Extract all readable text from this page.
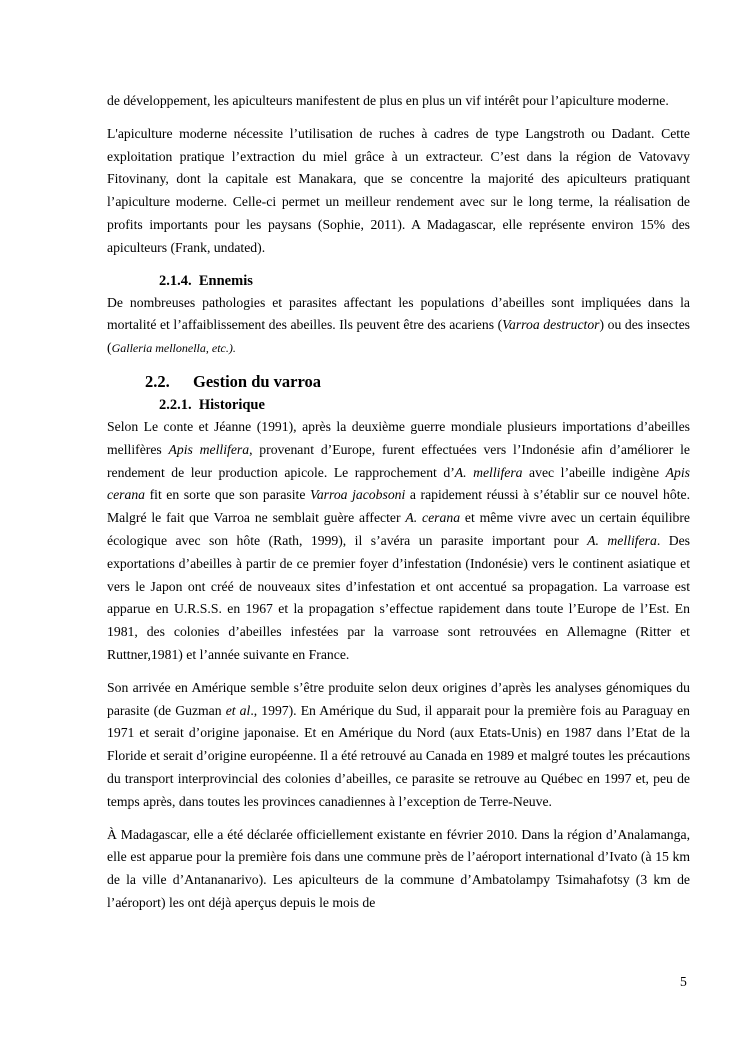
de développement, les apiculteurs manifestent de plus en plus un vif intérêt pour l’apiculture moderne.

L'apiculture moderne nécessite l’utilisation de ruches à cadres de type Langstroth ou Dadant. Cette exploitation pratique l’extraction du miel grâce à un extracteur. C’est dans la région de Vatovavy Fitovinany, dont la capitale est Manakara, que se concentre la majorité des apiculteurs pratiquant l’apiculture moderne. Celle-ci permet un meilleur rendement avec sur le long terme, la réalisation de profits importants pour les paysans (Sophie, 2011). A Madagascar, elle représente environ 15% des apiculteurs (Frank, undated).

2.1.4. Ennemis

De nombreuses pathologies et parasites affectant les populations d’abeilles sont impliquées dans la mortalité et l’affaiblissement des abeilles. Ils peuvent être des acariens (Varroa destructor) ou des insectes (Galleria mellonella, etc.).

2.2. Gestion du varroa
2.2.1. Historique

Selon Le conte et Jéanne (1991), après la deuxième guerre mondiale plusieurs importations d’abeilles mellifères Apis mellifera, provenant d’Europe, furent effectuées vers l’Indonésie afin d’améliorer le rendement de leur production apicole. Le rapprochement d’A. mellifera avec l’abeille indigène Apis cerana fit en sorte que son parasite Varroa jacobsoni a rapidement réussi à s’établir sur ce nouvel hôte. Malgré le fait que Varroa ne semblait guère affecter A. cerana et même vivre avec un certain équilibre écologique avec son hôte (Rath, 1999), il s’avéra un parasite important pour A. mellifera. Des exportations d’abeilles à partir de ce premier foyer d’infestation (Indonésie) vers le continent asiatique et vers le Japon ont créé de nouveaux sites d’infestation et ont accentué sa propagation. La varroase est apparue en U.R.S.S. en 1967 et la propagation s’effectue rapidement dans toute l’Europe de l’Est. En 1981, des colonies d’abeilles infestées par la varroase sont retrouvées en Allemagne (Ritter et Ruttner,1981) et l’année suivante en France.

Son arrivée en Amérique semble s’être produite selon deux origines d’après les analyses génomiques du parasite (de Guzman et al., 1997). En Amérique du Sud, il apparait pour la première fois au Paraguay en 1971 et serait d’origine japonaise. Et en Amérique du Nord (aux Etats-Unis) en 1987 dans l’Etat de la Floride et serait d’origine européenne. Il a été retrouvé au Canada en 1989 et malgré toutes les précautions du transport interprovincial des colonies d’abeilles, ce parasite se retrouve au Québec en 1997 et, peu de temps après, dans toutes les provinces canadiennes à l’exception de Terre-Neuve.

À Madagascar, elle a été déclarée officiellement existante en février 2010. Dans la région d’Analamanga, elle est apparue pour la première fois dans une commune près de l’aéroport international d’Ivato (à 15 km de la ville d’Antananarivo). Les apiculteurs de la commune d’Ambatolampy Tsimahafotsy (3 km de l’aéroport) les ont déjà aperçus depuis le mois de

5
